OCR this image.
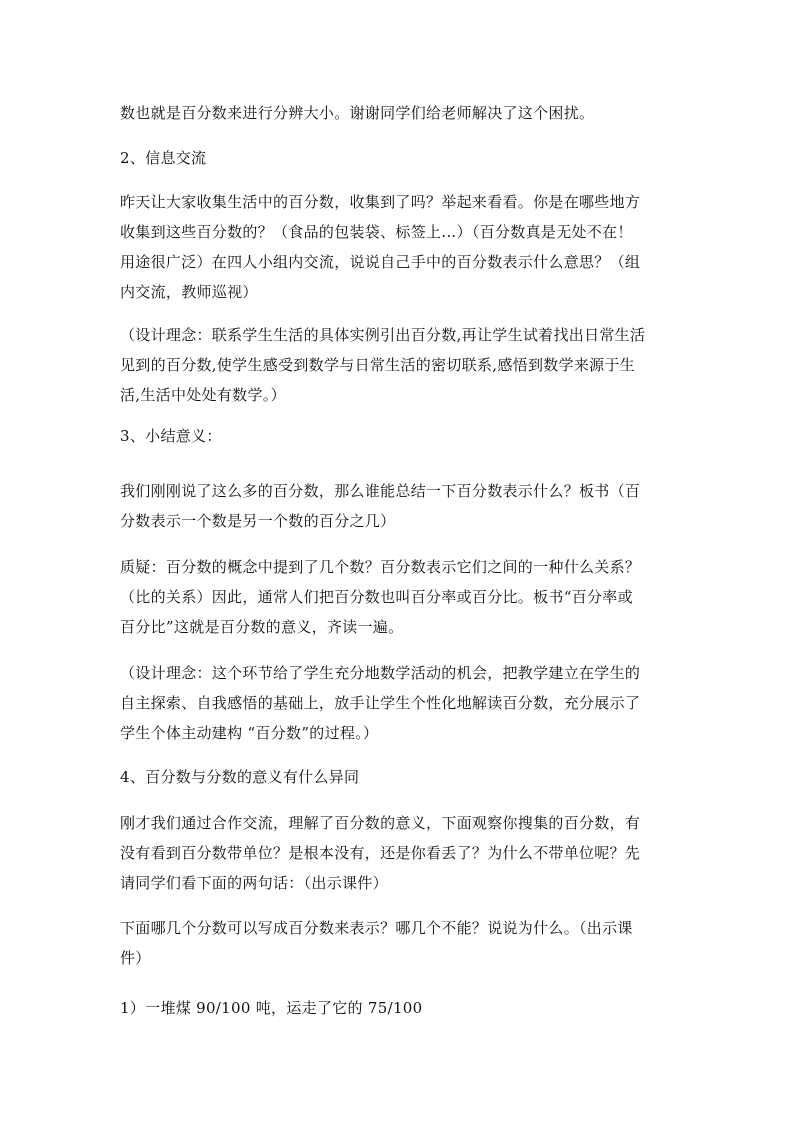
数也就是百分数来进行分辨大小。谢谢同学们给老师解决了这个困扰。

2、信息交流

昨天让大家收集生活中的百分数，收集到了吗？举起来看看。你是在哪些地方
收集到这些百分数的？（食品的包装袋、标签上…）（百分数真是无处不在！
用途很广泛）在四人小组内交流，说说自己手中的百分数表示什么意思？（组
内交流，教师巡视）

（设计理念：联系学生生活的具体实例引出百分数,再让学生试着找出日常生活
见到的百分数,使学生感受到数学与日常生活的密切联系,感悟到数学来源于生
活,生活中处处有数学。）

3、小结意义：

我们刚刚说了这么多的百分数，那么谁能总结一下百分数表示什么？板书（百
分数表示一个数是另一个数的百分之几）

质疑：百分数的概念中提到了几个数？百分数表示它们之间的一种什么关系？
（比的关系）因此，通常人们把百分数也叫百分率或百分比。板书“百分率或
百分比”这就是百分数的意义，齐读一遍。

（设计理念：这个环节给了学生充分地数学活动的机会，把教学建立在学生的
自主探索、自我感悟的基础上，放手让学生个性化地解读百分数，充分展示了
学生个体主动建构 “百分数”的过程。）

4、百分数与分数的意义有什么异同

刚才我们通过合作交流，理解了百分数的意义，下面观察你搜集的百分数，有
没有看到百分数带单位？是根本没有，还是你看丢了？为什么不带单位呢？先
请同学们看下面的两句话：（出示课件）

下面哪几个分数可以写成百分数来表示？哪几个不能？说说为什么。（出示课
件）

1）一堆煤 90/100 吨，运走了它的 75/100
